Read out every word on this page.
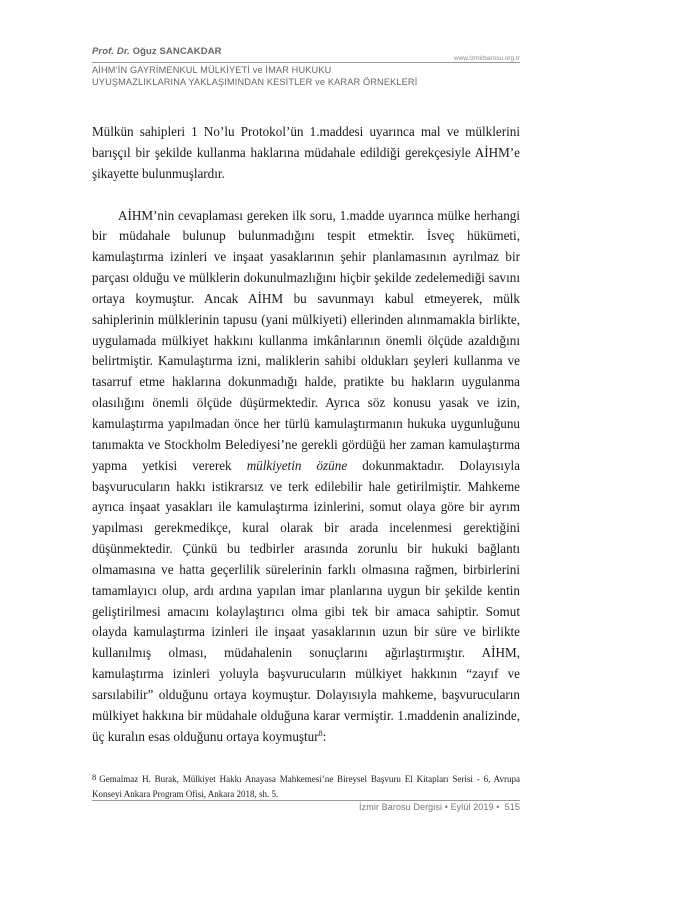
Prof. Dr. Oğuz SANCAKDAR
www.izmirbarosu.org.tr
AİHM’İN GAYRİMENKUL MÜLKİYETİ ve İMAR HUKUKU
UYUŞMAZLIKLARINA YAKLAŞIMINDAN KESİTLER ve KARAR ÖRNEKLERİ

Mülkün sahipleri 1 No’lu Protokol’ün 1.maddesi uyarınca mal ve mülklerini barışçıl bir şekilde kullanma haklarına müdahale edildiği gerekçesiyle AİHM’e şikayette bulunmuşlardır.

AİHM’nin cevaplaması gereken ilk soru, 1.madde uyarınca mülke herhangi bir müdahale bulunup bulunmadığını tespit etmektir. İsveç hükümeti, kamulaştırma izinleri ve inşaat yasaklarının şehir planlamasının ayrılmaz bir parçası olduğu ve mülklerin dokunulmazlığını hiçbir şekilde zedelemediği savını ortaya koymuştur. Ancak AİHM bu savunmayı kabul etmeyerek, mülk sahiplerinin mülklerinin tapusu (yani mülkiyeti) ellerinden alınmamakla birlikte, uygulamada mülkiyet hakkını kullanma imkânlarının önemli ölçüde azaldığını belirtmiştir. Kamulaştırma izni, maliklerin sahibi oldukları şeyleri kullanma ve tasarruf etme haklarına dokunmadığı halde, pratikte bu hakların uygulanma olasılığını önemli ölçüde düşürmektedir. Ayrıca söz konusu yasak ve izin, kamulaştırma yapılmadan önce her türlü kamulaştırmanın hukuka uygunluğunu tanımakta ve Stockholm Belediyesi’ne gerekli gördüğü her zaman kamulaştırma yapma yetkisi vererek mülkiyetin özüne dokunmaktadır. Dolayısıyla başvurucuların hakkı istikrarsız ve terk edilebilir hale getirilmiştir. Mahkeme ayrıca inşaat yasakları ile kamulaştırma izinlerini, somut olaya göre bir ayrım yapılması gerekmedikçe, kural olarak bir arada incelenmesi gerektiğini düşünmektedir. Çünkü bu tedbirler arasında zorunlu bir hukuki bağlantı olmamasına ve hatta geçerlilik sürelerinin farklı olmasına rağmen, birbirlerini tamamlayıcı olup, ardı ardına yapılan imar planlarına uygun bir şekilde kentin geliştirilmesi amacını kolaylaştırıcı olma gibi tek bir amaca sahiptir. Somut olayda kamulaştırma izinleri ile inşaat yasaklarının uzun bir süre ve birlikte kullanılmış olması, müdahalenin sonuçlarını ağırlaştırmıştır. AİHM, kamulaştırma izinleri yoluyla başvurucuların mülkiyet hakkının “zayıf ve sarsılabilir” olduğunu ortaya koymuştur. Dolayısıyla mahkeme, başvurucuların mülkiyet hakkına bir müdahale olduğuna karar vermiştir. 1.maddenin analizinde, üç kuralın esas olduğunu ortaya koymuştur$^8$:

8 Gemalmaz H. Burak, Mülkiyet Hakkı Anayasa Mahkemesi’ne Bireysel Başvuru El Kitapları Serisi - 6, Avrupa Konseyi Ankara Program Ofisi, Ankara 2018, sh. 5.
İzmir Barosu Dergisi • Eylül 2019 • 515
